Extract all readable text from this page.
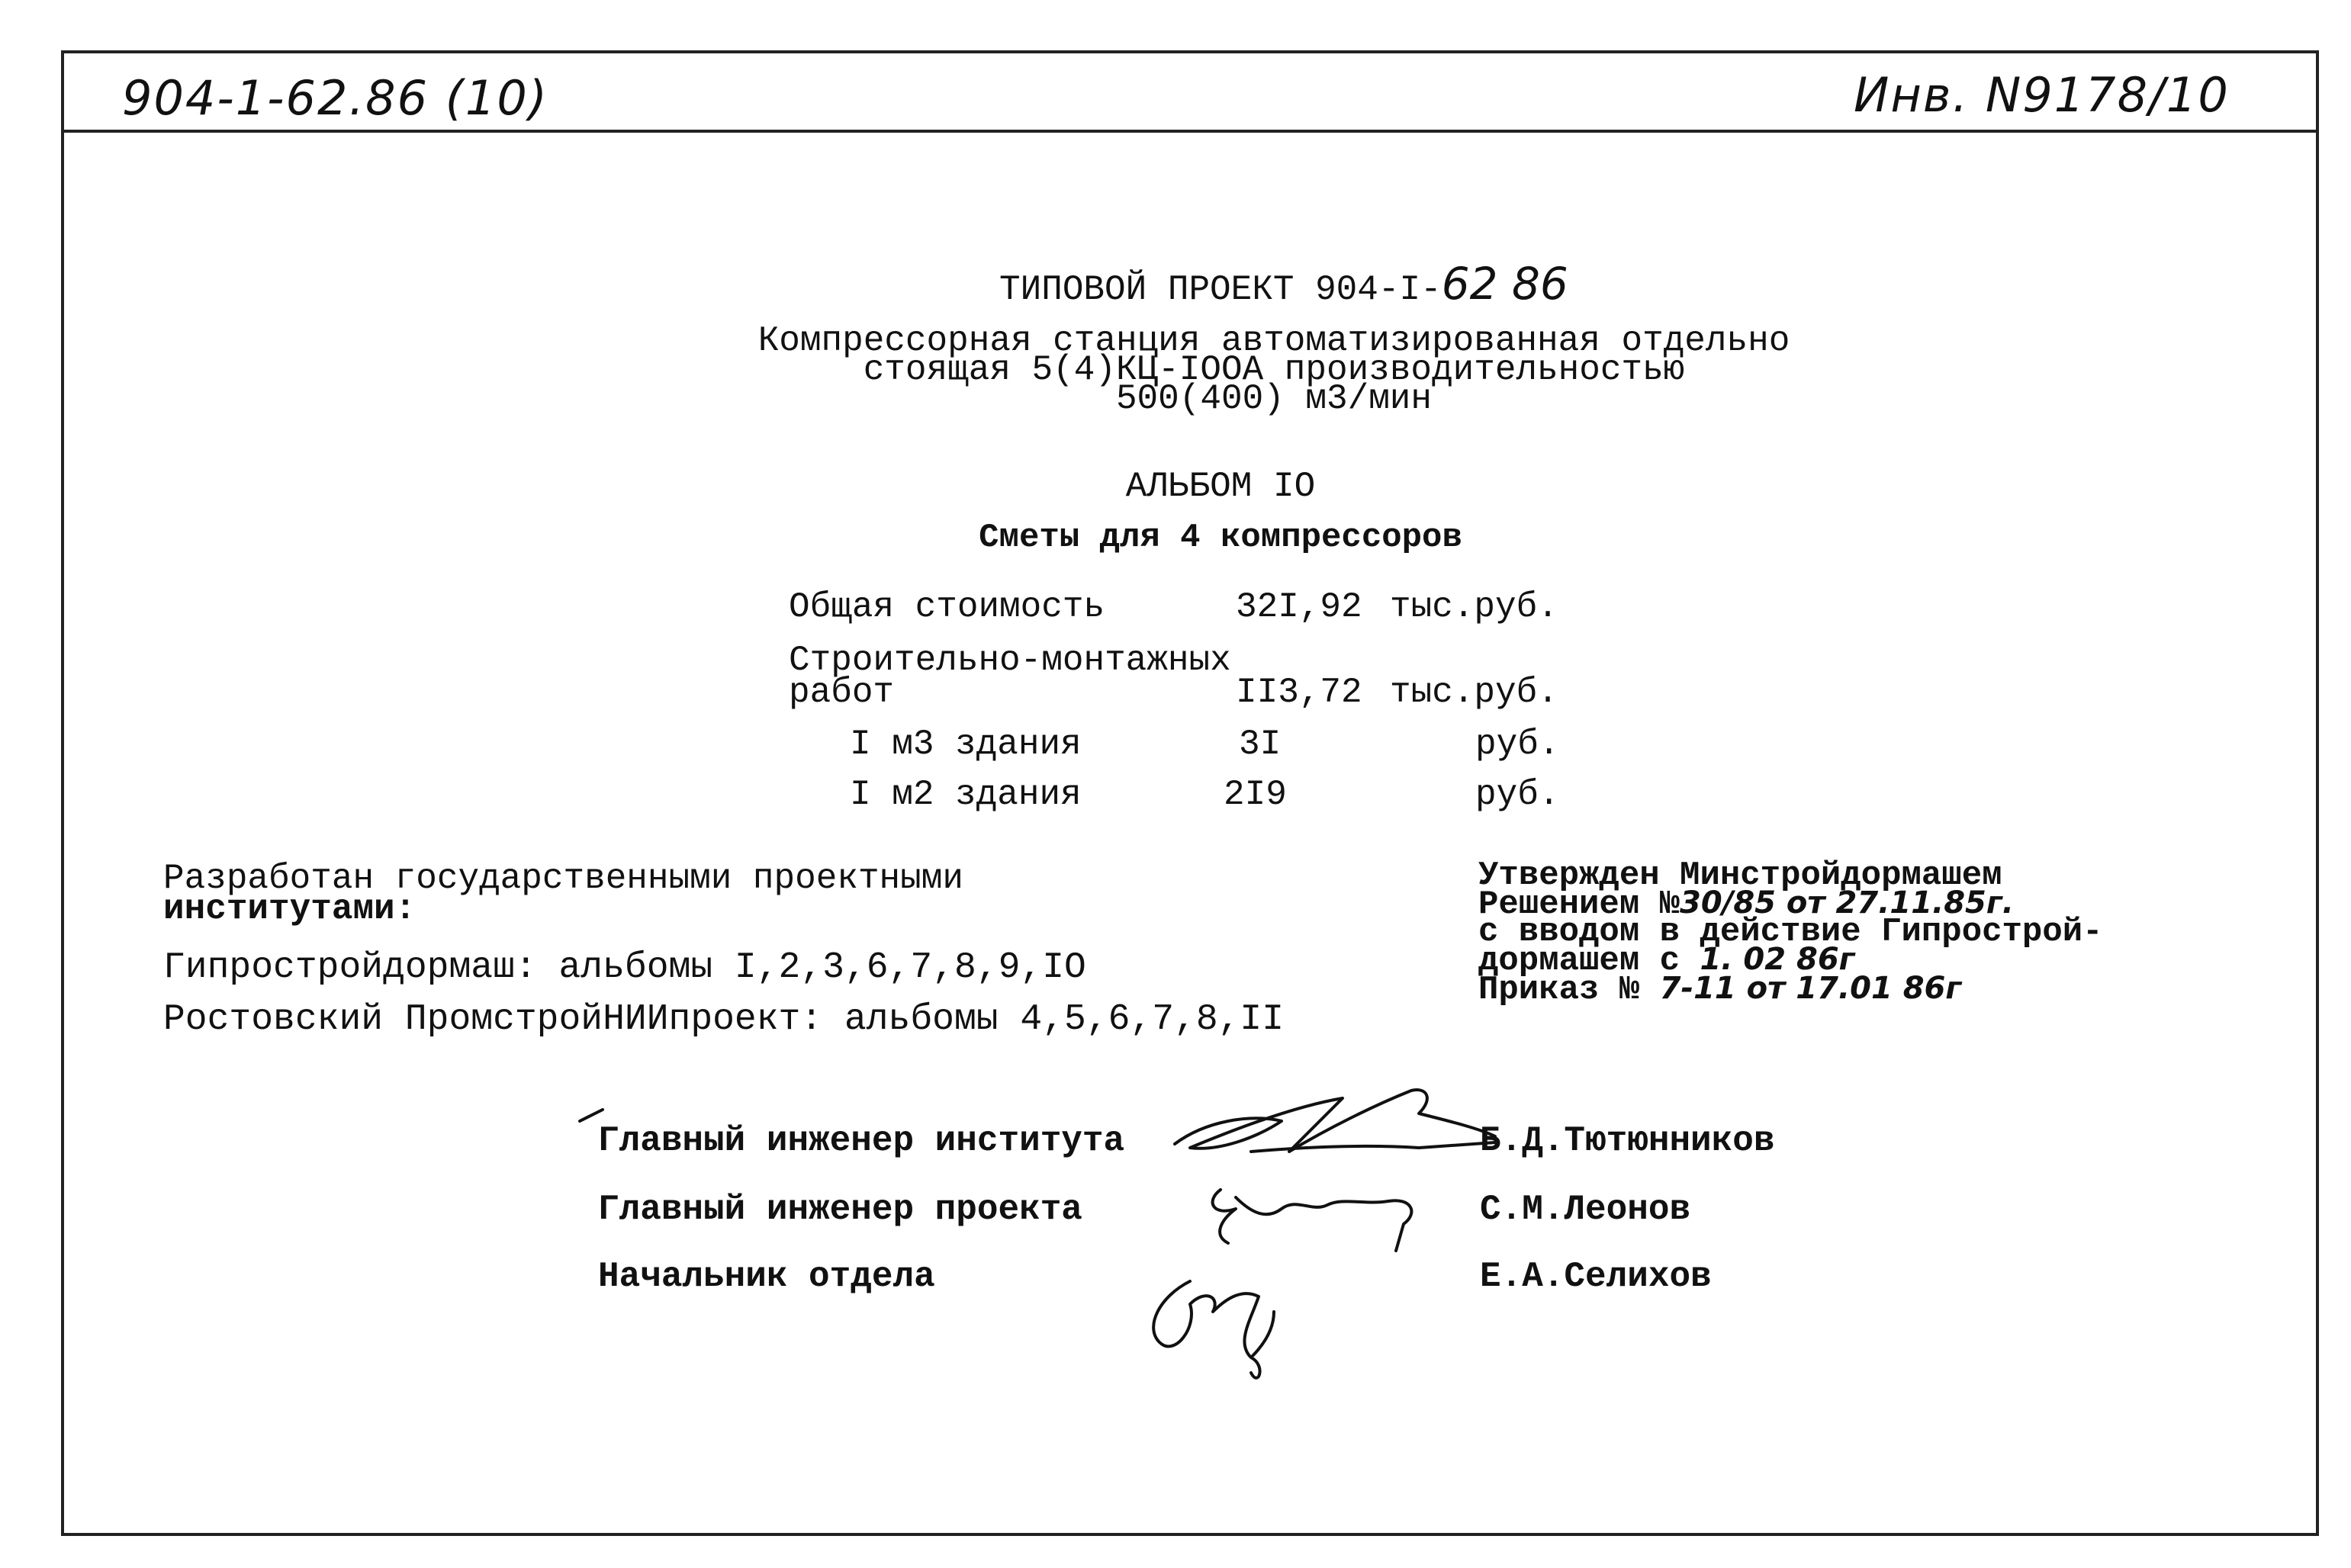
904-1-62.86 (10)	Инв. N9178/10
ТИПОВОЙ ПРОЕКТ 904-I-62 86
Компрессорная станция автоматизированная отдельно
стоящая 5(4)КЦ-IOOA производительностью
500(400) м3/мин
АЛЬБОМ IO
Сметы для 4 компрессоров
Общая стоимость	32I,92 тыс.руб.
Строительно-монтажных
работ	II3,72 тыс.руб.
I м3 здания	3I	руб.
I м2 здания	2I9	руб.
Разработан государственными проектными
институтами:
Гипростройдормаш: альбомы I,2,3,6,7,8,9,IO
Ростовский ПромстройНИИпроект: альбомы 4,5,6,7,8,II
Утвержден Минстройдормашем
Решением №30/85 от 27.11.85г.
с вводом в действие Гипрострой-
дормашем с 1. 02 86г
Приказ № 7-11 от 17.01 86г
Главный инженер института	Б.Д.Тютюнников
Главный инженер проекта	С.М.Леонов
Начальник отдела	Е.А.Селихов
